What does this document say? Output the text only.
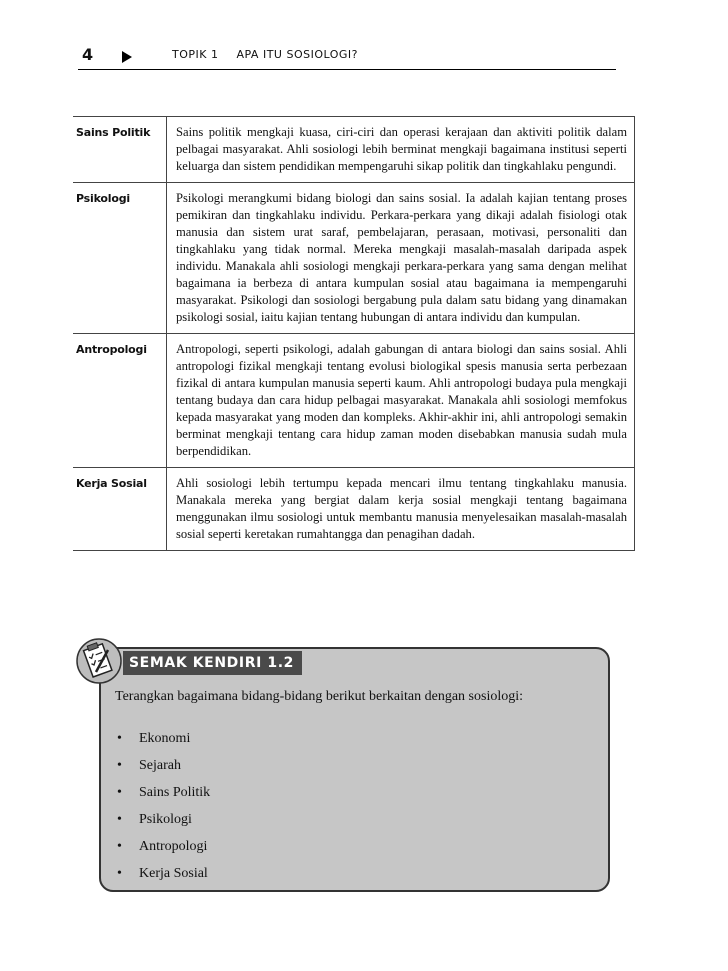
4	TOPIK 1 APA ITU SOSIOLOGI?
Sains Politik	Sains politik mengkaji kuasa, ciri-ciri dan operasi kerajaan dan aktiviti politik dalam pelbagai masyarakat. Ahli sosiologi lebih berminat mengkaji bagaimana institusi seperti keluarga dan sistem pendidikan mempengaruhi sikap politik dan tingkahlaku pengundi.
Psikologi	Psikologi merangkumi bidang biologi dan sains sosial. Ia adalah kajian tentang proses pemikiran dan tingkahlaku individu. Perkara-perkara yang dikaji adalah fisiologi otak manusia dan sistem urat saraf, pembelajaran, perasaan, motivasi, personaliti dan tingkahlaku yang tidak normal. Mereka mengkaji masalah-masalah daripada aspek individu. Manakala ahli sosiologi mengkaji perkara-perkara yang sama dengan melihat bagaimana ia berbeza di antara kumpulan sosial atau bagaimana ia mempengaruhi masyarakat. Psikologi dan sosiologi bergabung pula dalam satu bidang yang dinamakan psikologi sosial, iaitu kajian tentang hubungan di antara individu dan kumpulan.
Antropologi	Antropologi, seperti psikologi, adalah gabungan di antara biologi dan sains sosial. Ahli antropologi fizikal mengkaji tentang evolusi biologikal spesis manusia serta perbezaan fizikal di antara kumpulan manusia seperti kaum. Ahli antropologi budaya pula mengkaji tentang budaya dan cara hidup pelbagai masyarakat. Manakala ahli sosiologi memfokus kepada masyarakat yang moden dan kompleks. Akhir-akhir ini, ahli antropologi semakin berminat mengkaji tentang cara hidup zaman moden disebabkan manusia sudah mula berpendidikan.
Kerja Sosial	Ahli sosiologi lebih tertumpu kepada mencari ilmu tentang tingkahlaku manusia. Manakala mereka yang bergiat dalam kerja sosial mengkaji tentang bagaimana menggunakan ilmu sosiologi untuk membantu manusia menyelesaikan masalah-masalah sosial seperti keretakan rumahtangga dan penagihan dadah.
SEMAK KENDIRI 1.2
Terangkan bagaimana bidang-bidang berikut berkaitan dengan sosiologi:
• Ekonomi
• Sejarah
• Sains Politik
• Psikologi
• Antropologi
• Kerja Sosial
